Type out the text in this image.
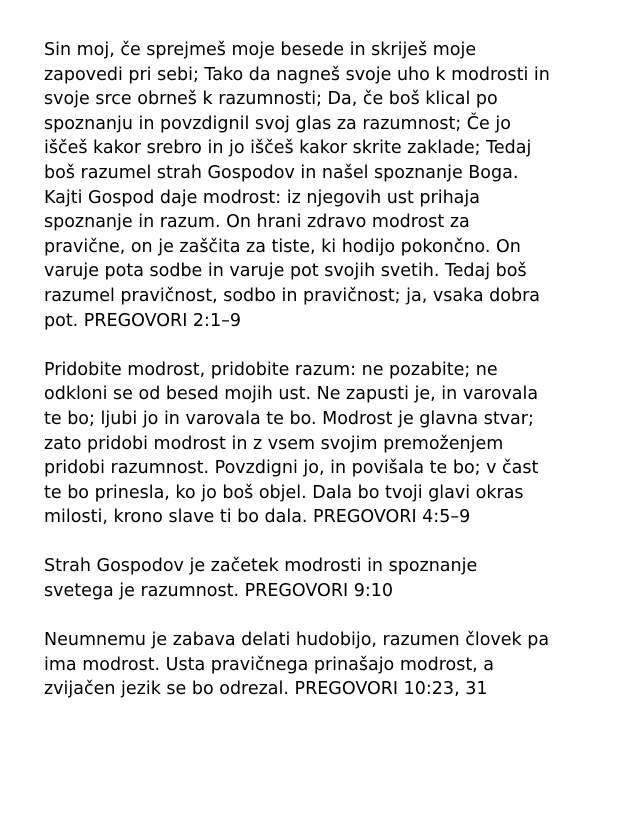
Sin moj, če sprejmeš moje besede in skriješ moje
zapovedi pri sebi; Tako da nagneš svoje uho k modrosti in
svoje srce obrneš k razumnosti; Da, če boš klical po
spoznanju in povzdignil svoj glas za razumnost; Če jo
iščeš kakor srebro in jo iščeš kakor skrite zaklade; Tedaj
boš razumel strah Gospodov in našel spoznanje Boga.
Kajti Gospod daje modrost: iz njegovih ust prihaja
spoznanje in razum. On hrani zdravo modrost za
pravične, on je zaščita za tiste, ki hodijo pokončno. On
varuje pota sodbe in varuje pot svojih svetih. Tedaj boš
razumel pravičnost, sodbo in pravičnost; ja, vsaka dobra
pot. PREGOVORI 2:1–9

Pridobite modrost, pridobite razum: ne pozabite; ne
odkloni se od besed mojih ust. Ne zapusti je, in varovala
te bo; ljubi jo in varovala te bo. Modrost je glavna stvar;
zato pridobi modrost in z vsem svojim premoženjem
pridobi razumnost. Povzdigni jo, in povišala te bo; v čast
te bo prinesla, ko jo boš objel. Dala bo tvoji glavi okras
milosti, krono slave ti bo dala. PREGOVORI 4:5–9

Strah Gospodov je začetek modrosti in spoznanje
svetega je razumnost. PREGOVORI 9:10

Neumnemu je zabava delati hudobijo, razumen človek pa
ima modrost. Usta pravičnega prinašajo modrost, a
zvijačen jezik se bo odrezal. PREGOVORI 10:23, 31
